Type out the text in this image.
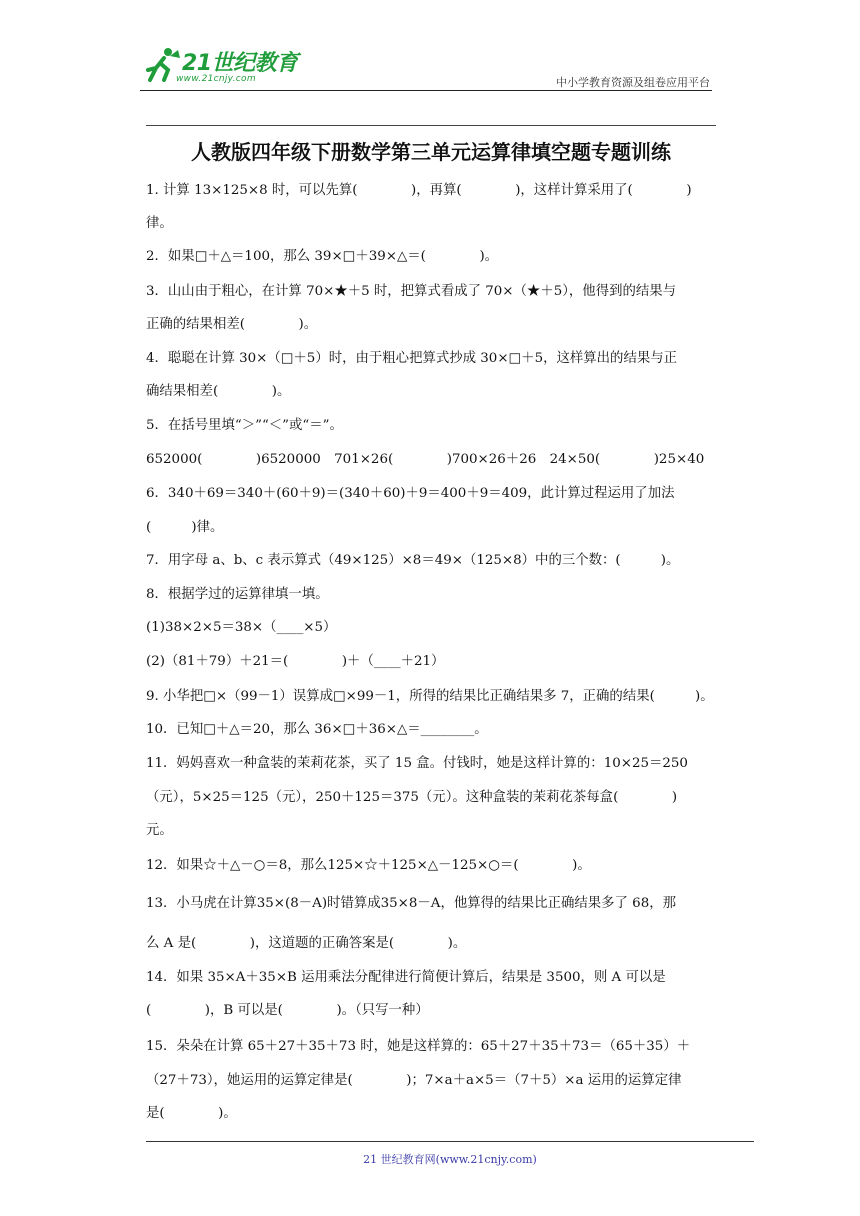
21世纪教育
www.21cnjy.com	中小学教育资源及组卷应用平台
人教版四年级下册数学第三单元运算律填空题专题训练
1. 计算 13×125×8 时，可以先算(　　　　)，再算(　　　　)，这样计算采用了(　　　　)
律。
2．如果□＋△＝100，那么 39×□＋39×△＝(　　　　)。
3．山山由于粗心，在计算 70×★＋5 时，把算式看成了 70×（★＋5），他得到的结果与
正确的结果相差(　　　　)。
4．聪聪在计算 30×（□＋5）时，由于粗心把算式抄成 30×□＋5，这样算出的结果与正
确结果相差(　　　　)。
5．在括号里填“＞”“＜”或“＝”。
652000(　　　　)6520000　701×26(　　　　)700×26＋26　24×50(　　　　)25×40
6．340＋69＝340＋(60＋9)＝(340＋60)＋9＝400＋9＝409，此计算过程运用了加法
(　　　)律。
7．用字母 a、b、c 表示算式（49×125）×8＝49×（125×8）中的三个数：(　　　)。
8．根据学过的运算律填一填。
(1)38×2×5＝38×（____×5）
(2)（81＋79）＋21＝(　　　　)＋（____＋21）
9. 小华把□×（99－1）误算成□×99－1，所得的结果比正确结果多 7，正确的结果(　　　)。
10．已知□＋△＝20，那么 36×□＋36×△＝________。
11．妈妈喜欢一种盒装的茉莉花茶，买了 15 盒。付钱时，她是这样计算的：10×25＝250
（元），5×25＝125（元），250＋125＝375（元）。这种盒装的茉莉花茶每盒(　　　　)
元。
12．如果☆＋△－○＝8，那么125×☆＋125×△－125×○＝(　　　　)。
13．小马虎在计算35×(8－A)时错算成35×8－A，他算得的结果比正确结果多了 68，那
么 A 是(　　　　)，这道题的正确答案是(　　　　)。
14．如果 35×A＋35×B 运用乘法分配律进行简便计算后，结果是 3500，则 A 可以是
(　　　　)，B 可以是(　　　　)。（只写一种）
15．朵朵在计算 65＋27＋35＋73 时，她是这样算的：65＋27＋35＋73＝（65＋35）＋
（27＋73），她运用的运算定律是(　　　　)；7×a＋a×5＝（7＋5）×a 运用的运算定律
是(　　　　)。
21 世纪教育网(www.21cnjy.com)
